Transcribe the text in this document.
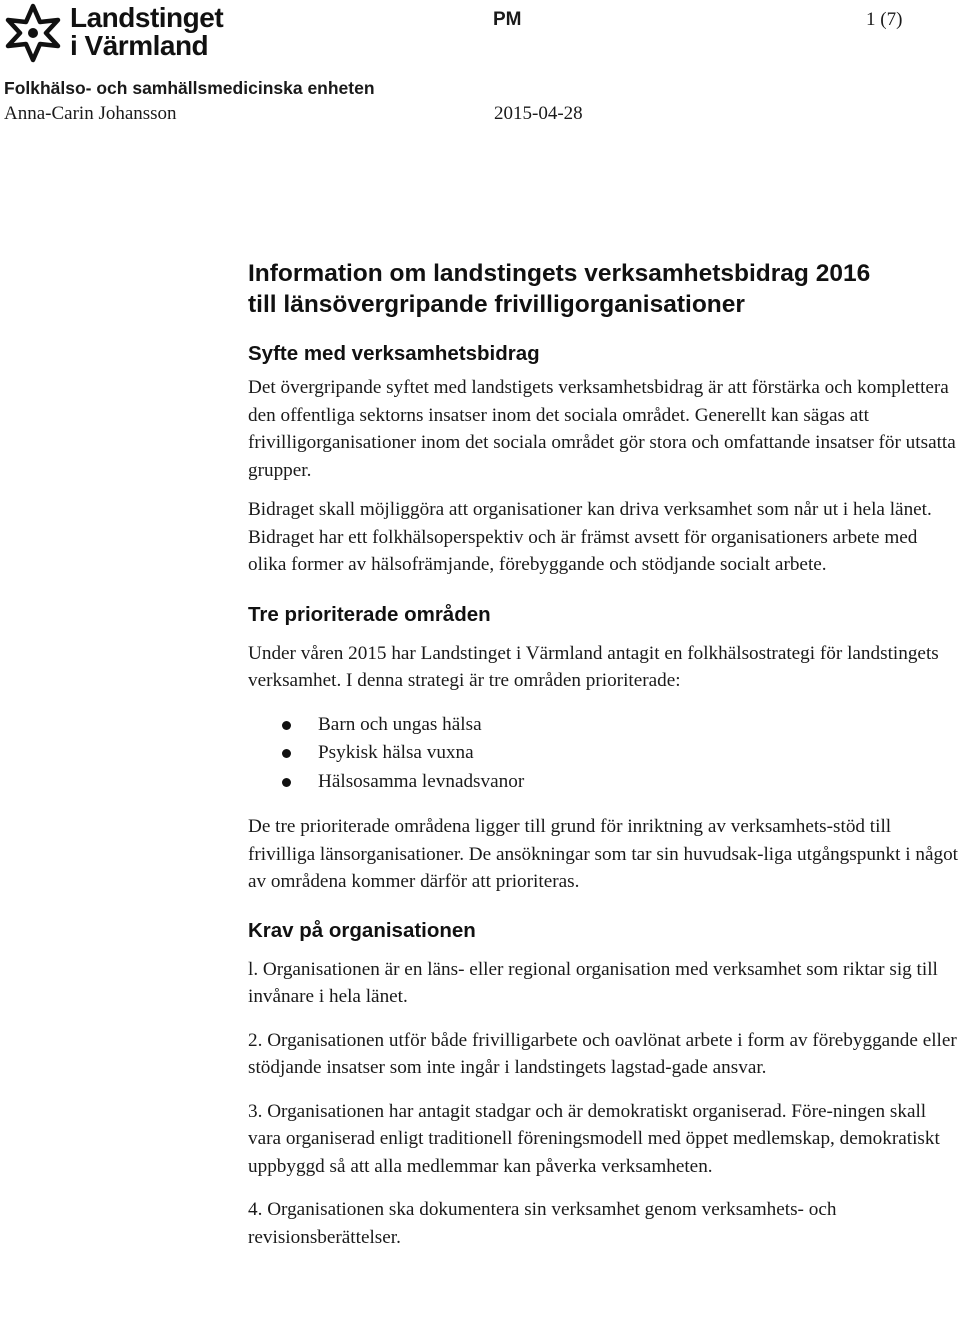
Landstinget
i Värmland
PM	1 (7)
Folkhälso- och samhällsmedicinska enheten
Anna-Carin Johansson	2015-04-28
Information om landstingets verksamhetsbidrag 2016
till länsövergripande frivilligorganisationer
Syfte med verksamhetsbidrag

Det övergripande syftet med landstigets verksamhetsbidrag är att förstärka och komplettera den offentliga sektorns insatser inom det sociala området. Generellt kan sägas att frivilligorganisationer inom det sociala området gör stora och omfattande insatser för utsatta grupper.

Bidraget skall möjliggöra att organisationer kan driva verksamhet som når ut i hela länet. Bidraget har ett folkhälsoperspektiv och är främst avsett för organisationers arbete med olika former av hälsofrämjande, förebyggande och stödjande socialt arbete.

Tre prioriterade områden

Under våren 2015 har Landstinget i Värmland antagit en folkhälsostrategi för landstingets verksamhet. I denna strategi är tre områden prioriterade:

Barn och ungas hälsa
Psykisk hälsa vuxna
Hälsosamma levnadsvanor

De tre prioriterade områdena ligger till grund för inriktning av verksamhets-stöd till frivilliga länsorganisationer. De ansökningar som tar sin huvudsak-liga utgångspunkt i något av områdena kommer därför att prioriteras.

Krav på organisationen

l. Organisationen är en läns- eller regional organisation med verksamhet som riktar sig till invånare i hela länet.

2. Organisationen utför både frivilligarbete och oavlönat arbete i form av förebyggande eller stödjande insatser som inte ingår i landstingets lagstad-gade ansvar.

3. Organisationen har antagit stadgar och är demokratiskt organiserad. Före-ningen skall vara organiserad enligt traditionell föreningsmodell med öppet medlemskap, demokratiskt uppbyggd så att alla medlemmar kan påverka verksamheten.

4. Organisationen ska dokumentera sin verksamhet genom verksamhets- och revisionsberättelser.
